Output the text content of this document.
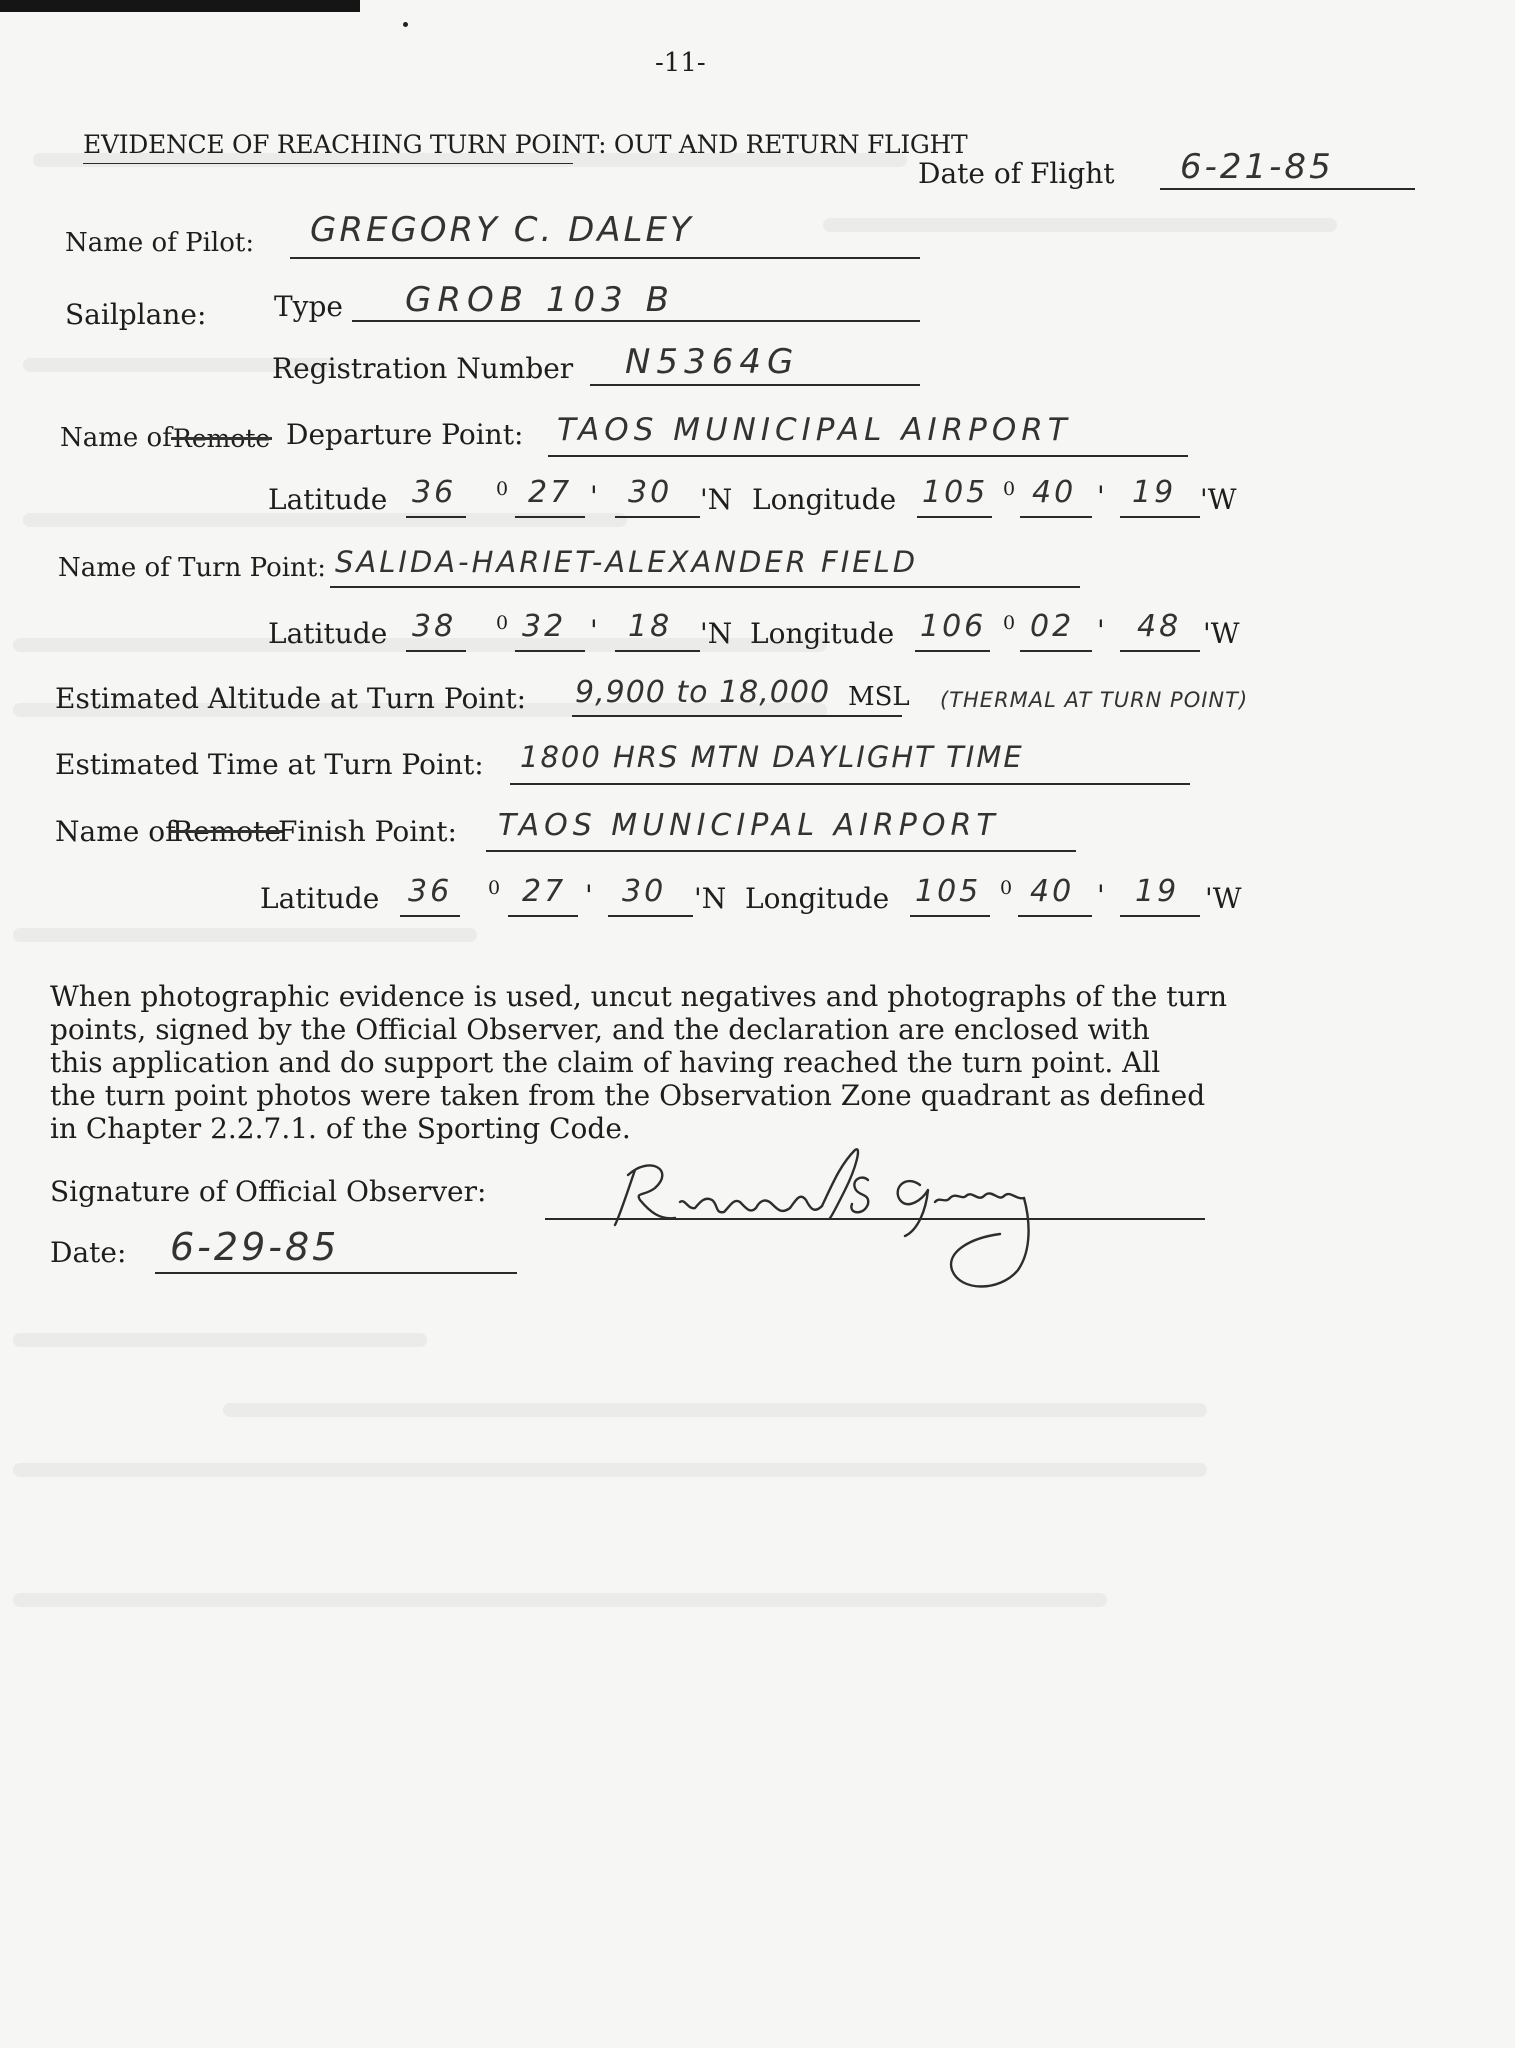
-11-
EVIDENCE OF REACHING TURN POINT: OUT AND RETURN FLIGHT
Date of Flight 6-21-85
Name of Pilot: GREGORY C. DALEY
Sailplane: Type GROB 103 B
Registration Number N5364G
Name of Remote Departure Point: TAOS MUNICIPAL AIRPORT
Latitude 36 0 27 ' 30 'N Longitude 105 0 40 ' 19 'W
Name of Turn Point: SALIDA-HARIET-ALEXANDER FIELD
Latitude 38 0 32 ' 18 'N Longitude 106 0 02 ' 48 'W
Estimated Altitude at Turn Point: 9,900 to 18,000 MSL (THERMAL AT TURN POINT)
Estimated Time at Turn Point: 1800 HRS MTN DAYLIGHT TIME
Name of
Remote
Finish Point: TAOS MUNICIPAL AIRPORT
Latitude 36 0 27 ' 30 'N Longitude 105 0 40 ' 19 'W
When photographic evidence is used, uncut negatives and photographs of the turn
points, signed by the Official Observer, and the declaration are enclosed with
this application and do support the claim of having reached the turn point. All
the turn point photos were taken from the Observation Zone quadrant as defined
in Chapter 2.2.7.1. of the Sporting Code.
Signature of Official Observer:
Date: 6-29-85
